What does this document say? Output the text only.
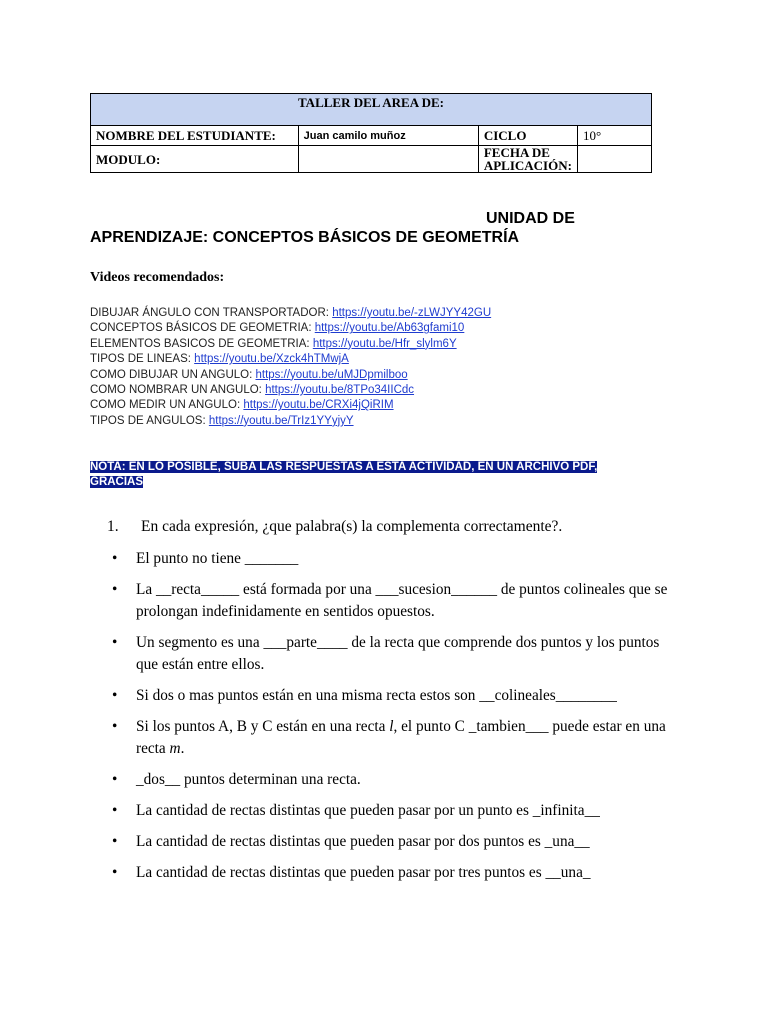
TALLER DEL AREA DE:			
NOMBRE DEL ESTUDIANTE:	Juan camilo muñoz	CICLO	10°
MODULO:		FECHA DE APLICACIÓN:	
UNIDAD DE
APRENDIZAJE: CONCEPTOS BÁSICOS DE GEOMETRÍA
Videos recomendados:
DIBUJAR ÁNGULO CON TRANSPORTADOR: https://youtu.be/-zLWJYY42GU
CONCEPTOS BÁSICOS DE GEOMETRIA: https://youtu.be/Ab63gfami10
ELEMENTOS BASICOS DE GEOMETRIA: https://youtu.be/Hfr_slylm6Y
TIPOS DE LINEAS: https://youtu.be/Xzck4hTMwjA
COMO DIBUJAR UN ANGULO: https://youtu.be/uMJDpmilboo
COMO NOMBRAR UN ANGULO: https://youtu.be/8TPo34IICdc
COMO MEDIR UN ANGULO: https://youtu.be/CRXi4jQiRIM
TIPOS DE ANGULOS: https://youtu.be/TrIz1YYyjyY
NOTA: EN LO POSIBLE, SUBA LAS RESPUESTAS A ESTA ACTIVIDAD, EN UN ARCHIVO PDF,
GRACIAS
1. En cada expresión, ¿que palabra(s) la complementa correctamente?.
• El punto no tiene _______
• La __recta_____ está formada por una ___sucesion______ de puntos colineales que se prolongan indefinidamente en sentidos opuestos.
• Un segmento es una ___parte____ de la recta que comprende dos puntos y los puntos que están entre ellos.
• Si dos o mas puntos están en una misma recta estos son __colineales________
• Si los puntos A, B y C están en una recta l, el punto C _tambien___ puede estar en una recta m.
• _dos__ puntos determinan una recta.
• La cantidad de rectas distintas que pueden pasar por un punto es _infinita__
• La cantidad de rectas distintas que pueden pasar por dos puntos es _una__
• La cantidad de rectas distintas que pueden pasar por tres puntos es __una_
